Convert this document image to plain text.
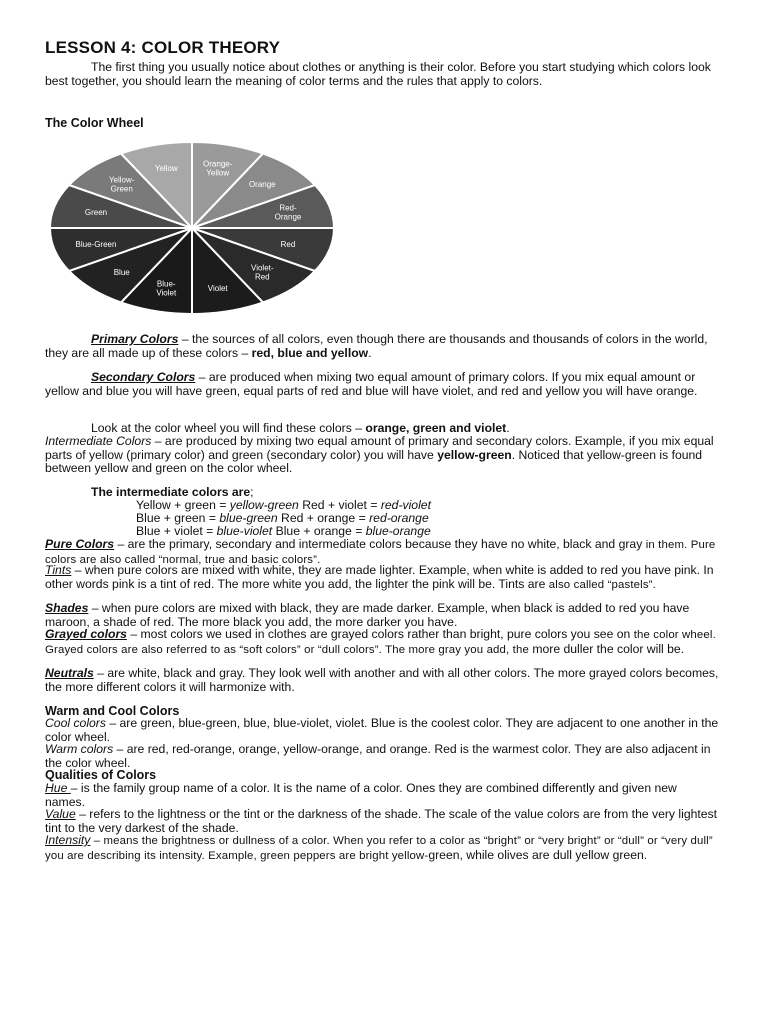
LESSON 4: COLOR THEORY

The first thing you usually notice about clothes or anything is their color. Before you start studying which colors look best together, you should learn the meaning of color terms and the rules that apply to colors.

The Color Wheel
Orange-Yellow
Orange
Red-Orange
Red
Violet-Red
Violet
Blue-Violet
Blue
Blue-Green
Green
Yellow-Green
Yellow

Primary Colors – the sources of all colors, even though there are thousands and thousands of colors in the world, they are all made up of these colors – red, blue and yellow.

Secondary Colors – are produced when mixing two equal amount of primary colors. If you mix equal amount or yellow and blue you will have green, equal parts of red and blue will have violet, and red and yellow you will have orange.

Look at the color wheel you will find these colors – orange, green and violet.

Intermediate Colors – are produced by mixing two equal amount of primary and secondary colors. Example, if you mix equal parts of yellow (primary color) and green (secondary color) you will have yellow-green. Noticed that yellow-green is found between yellow and green on the color wheel.

The intermediate colors are;
Yellow + green = yellow-green Red + violet = red-violet
Blue + green = blue-green Red + orange = red-orange
Blue + violet = blue-violet Blue + orange = blue-orange

Pure Colors – are the primary, secondary and intermediate colors because they have no white, black and gray in them. Pure colors are also called “normal, true and basic colors”.

Tints – when pure colors are mixed with white, they are made lighter. Example, when white is added to red you have pink. In other words pink is a tint of red. The more white you add, the lighter the pink will be. Tints are also called “pastels”.

Shades – when pure colors are mixed with black, they are made darker. Example, when black is added to red you have maroon, a shade of red. The more black you add, the more darker you have.

Grayed colors – most colors we used in clothes are grayed colors rather than bright, pure colors you see on the color wheel. Grayed colors are also referred to as “soft colors” or “dull colors”. The more gray you add, the more duller the color will be.

Neutrals – are white, black and gray. They look well with another and with all other colors. The more grayed colors becomes, the more different colors it will harmonize with.

Warm and Cool Colors

Cool colors – are green, blue-green, blue, blue-violet, violet. Blue is the coolest color. They are adjacent to one another in the color wheel.

Warm colors – are red, red-orange, orange, yellow-orange, and orange. Red is the warmest color. They are also adjacent in the color wheel.

Qualities of Colors

Hue – is the family group name of a color. It is the name of a color. Ones they are combined differently and given new names.

Value – refers to the lightness or the tint or the darkness of the shade. The scale of the value colors are from the very lightest tint to the very darkest of the shade.

Intensity – means the brightness or dullness of a color. When you refer to a color as “bright” or “very bright” or “dull” or “very dull” you are describing its intensity. Example, green peppers are bright yellow-green, while olives are dull yellow green.
